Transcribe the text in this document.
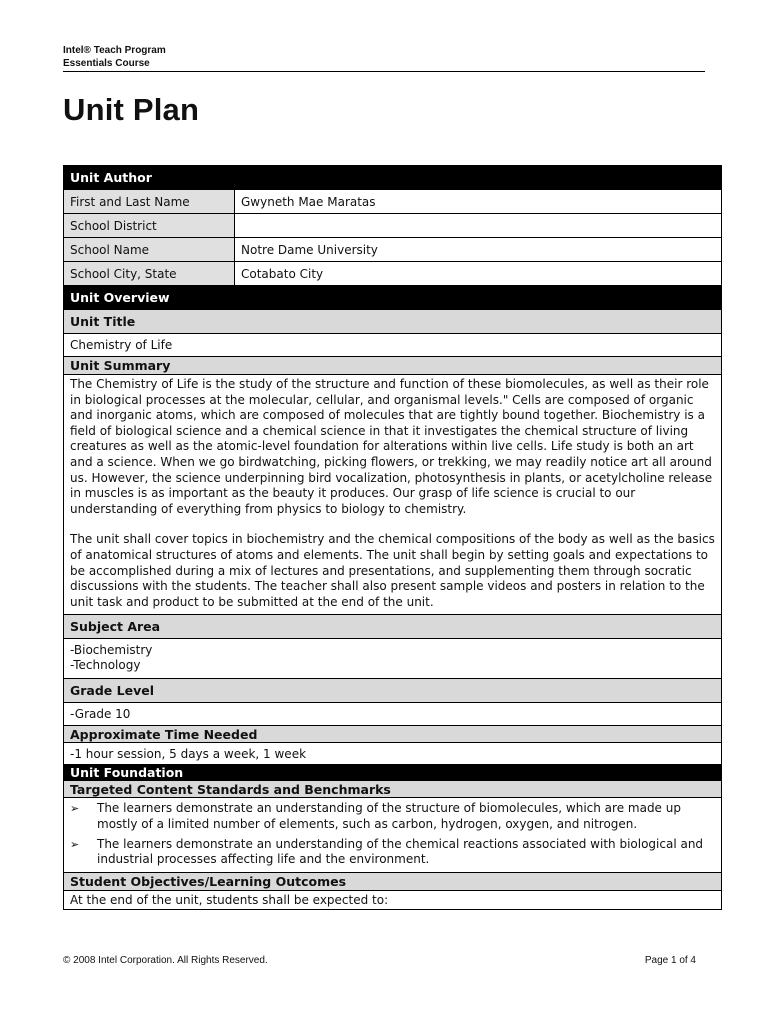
Intel® Teach Program
Essentials Course
Unit Plan
Unit Author
First and Last Name	Gwyneth Mae Maratas
School District
School Name	Notre Dame University
School City, State	Cotabato City
Unit Overview
Unit Title
Chemistry of Life
Unit Summary
The Chemistry of Life is the study of the structure and function of these biomolecules, as well as their role in biological processes at the molecular, cellular, and organismal levels." Cells are composed of organic and inorganic atoms, which are composed of molecules that are tightly bound together. Biochemistry is a field of biological science and a chemical science in that it investigates the chemical structure of living creatures as well as the atomic-level foundation for alterations within live cells. Life study is both an art and a science. When we go birdwatching, picking flowers, or trekking, we may readily notice art all around us. However, the science underpinning bird vocalization, photosynthesis in plants, or acetylcholine release in muscles is as important as the beauty it produces. Our grasp of life science is crucial to our understanding of everything from physics to biology to chemistry.
The unit shall cover topics in biochemistry and the chemical compositions of the body as well as the basics of anatomical structures of atoms and elements. The unit shall begin by setting goals and expectations to be accomplished during a mix of lectures and presentations, and supplementing them through socratic discussions with the students. The teacher shall also present sample videos and posters in relation to the unit task and product to be submitted at the end of the unit.
Subject Area
-Biochemistry
-Technology
Grade Level
-Grade 10
Approximate Time Needed
-1 hour session, 5 days a week, 1 week
Unit Foundation
Targeted Content Standards and Benchmarks
➢	The learners demonstrate an understanding of the structure of biomolecules, which are made up mostly of a limited number of elements, such as carbon, hydrogen, oxygen, and nitrogen.
➢	The learners demonstrate an understanding of the chemical reactions associated with biological and industrial processes affecting life and the environment.
Student Objectives/Learning Outcomes
At the end of the unit, students shall be expected to:
© 2008 Intel Corporation. All Rights Reserved.	Page 1 of 4
